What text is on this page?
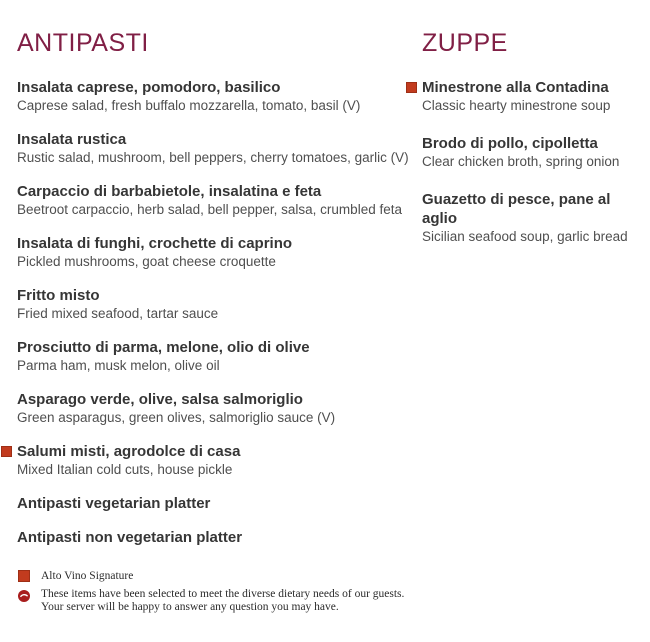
ANTIPASTI
Insalata caprese, pomodoro, basilico
Caprese salad, fresh buffalo mozzarella, tomato, basil (V)
Insalata rustica
Rustic salad, mushroom, bell peppers, cherry tomatoes, garlic (V)
Carpaccio di barbabietole, insalatina e feta
Beetroot carpaccio, herb salad, bell pepper, salsa, crumbled feta
Insalata di funghi, crochette di caprino
Pickled mushrooms, goat cheese croquette
Fritto misto
Fried mixed seafood, tartar sauce
Prosciutto di parma, melone, olio di olive
Parma ham, musk melon, olive oil
Asparago verde, olive, salsa salmoriglio
Green asparagus, green olives, salmoriglio sauce (V)
Salumi misti, agrodolce di casa
Mixed Italian cold cuts, house pickle
Antipasti vegetarian platter
Antipasti non vegetarian platter
ZUPPE
Minestrone alla Contadina
Classic hearty minestrone soup
Brodo di pollo, cipolletta
Clear chicken broth, spring onion
Guazetto di pesce, pane al aglio
Sicilian seafood soup, garlic bread
Alto Vino Signature
These items have been selected to meet the diverse dietary needs of our guests.
Your server will be happy to answer any question you may have.
